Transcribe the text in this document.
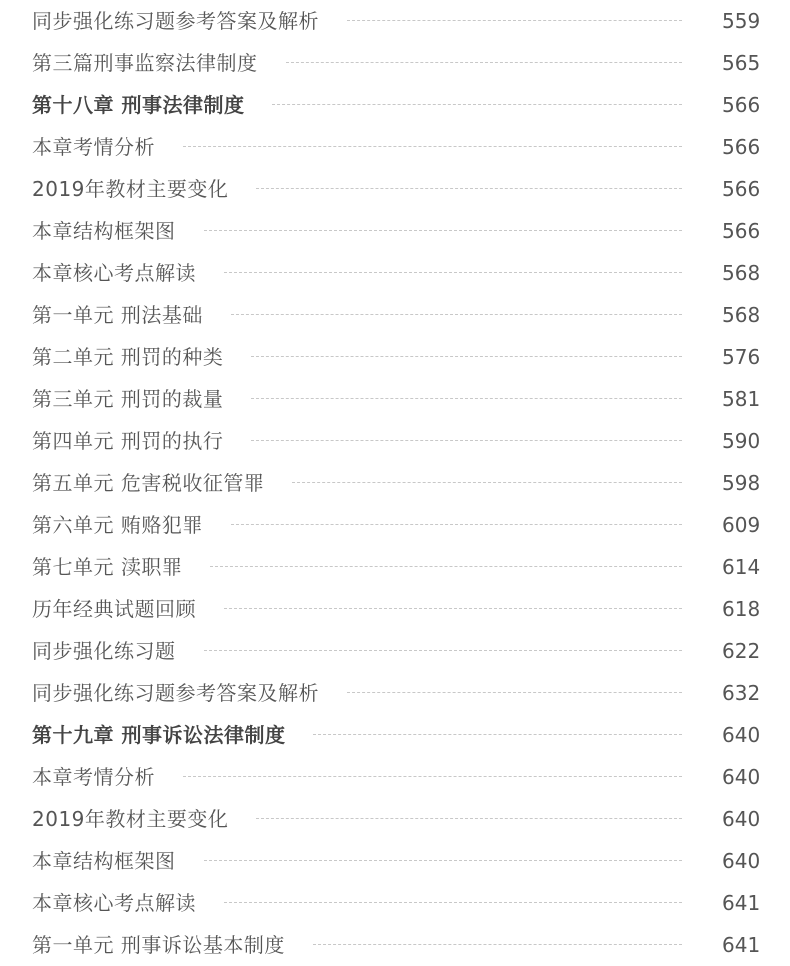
同步强化练习题参考答案及解析	559
第三篇刑事监察法律制度	565
第十八章 刑事法律制度	566
本章考情分析	566
2019年教材主要变化	566
本章结构框架图	566
本章核心考点解读	568
第一单元 刑法基础	568
第二单元 刑罚的种类	576
第三单元 刑罚的裁量	581
第四单元 刑罚的执行	590
第五单元 危害税收征管罪	598
第六单元 贿赂犯罪	609
第七单元 渎职罪	614
历年经典试题回顾	618
同步强化练习题	622
同步强化练习题参考答案及解析	632
第十九章 刑事诉讼法律制度	640
本章考情分析	640
2019年教材主要变化	640
本章结构框架图	640
本章核心考点解读	641
第一单元 刑事诉讼基本制度	641
